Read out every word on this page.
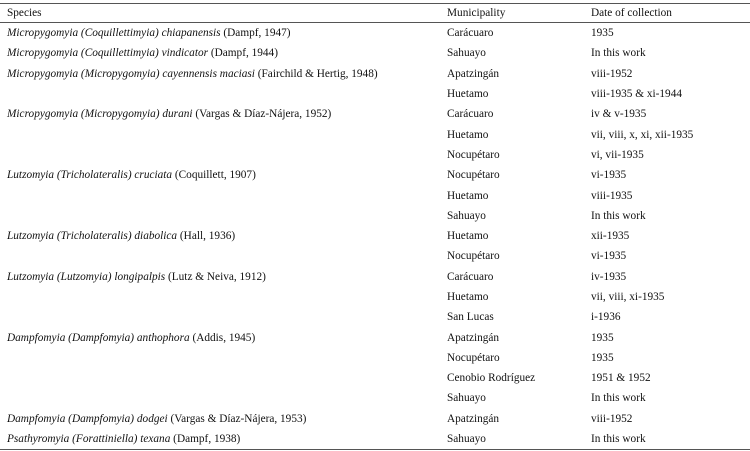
Species	Municipality	Date of collection
Micropygomyia (Coquillettimyia) chiapanensis (Dampf, 1947)	Carácuaro	1935
Micropygomyia (Coquillettimyia) vindicator (Dampf, 1944)	Sahuayo	In this work
Micropygomyia (Micropygomyia) cayennensis maciasi (Fairchild & Hertig, 1948)	Apatzingán	viii-1952
	Huetamo	viii-1935 & xi-1944
Micropygomyia (Micropygomyia) durani (Vargas & Díaz-Nájera, 1952)	Carácuaro	iv & v-1935
	Huetamo	vii, viii, x, xi, xii-1935
	Nocupétaro	vi, vii-1935
Lutzomyia (Tricholateralis) cruciata (Coquillett, 1907)	Nocupétaro	vi-1935
	Huetamo	viii-1935
	Sahuayo	In this work
Lutzomyia (Tricholateralis) diabolica (Hall, 1936)	Huetamo	xii-1935
	Nocupétaro	vi-1935
Lutzomyia (Lutzomyia) longipalpis (Lutz & Neiva, 1912)	Carácuaro	iv-1935
	Huetamo	vii, viii, xi-1935
	San Lucas	i-1936
Dampfomyia (Dampfomyia) anthophora (Addis, 1945)	Apatzingán	1935
	Nocupétaro	1935
	Cenobio Rodríguez	1951 & 1952
	Sahuayo	In this work
Dampfomyia (Dampfomyia) dodgei (Vargas & Díaz-Nájera, 1953)	Apatzingán	viii-1952
Psathyromyia (Forattiniella) texana (Dampf, 1938)	Sahuayo	In this work
